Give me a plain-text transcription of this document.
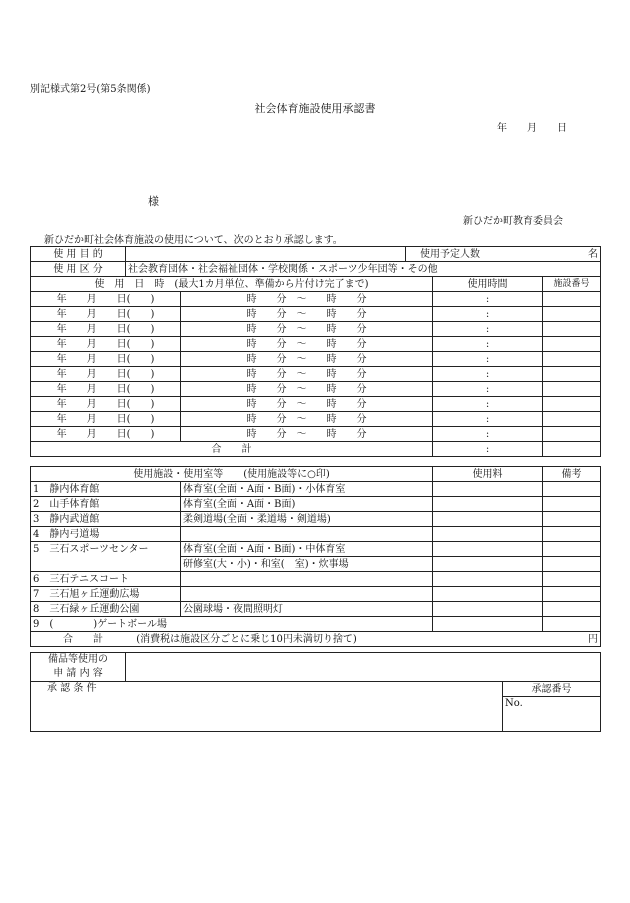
別記様式第2号(第5条関係)
社会体育施設使用承認書
年　　月　　日
様
新ひだか町教育委員会
新ひだか町社会体育施設の使用について、次のとおり承認します。
使 用 目 的		使用予定人数	名
使 用 区 分	社会教育団体・社会福祉団体・学校関係・スポーツ少年団等・その他		
使　用　日　時　(最大1カ月単位、準備から片付け完了まで)		使用時間	施設番号
年　　月　　日(　　)	時　　分　～　　時　　分	:	
年　　月　　日(　　)	時　　分　～　　時　　分	:	
年　　月　　日(　　)	時　　分　～　　時　　分	:	
年　　月　　日(　　)	時　　分　～　　時　　分	:	
年　　月　　日(　　)	時　　分　～　　時　　分	:	
年　　月　　日(　　)	時　　分　～　　時　　分	:	
年　　月　　日(　　)	時　　分　～　　時　　分	:	
年　　月　　日(　　)	時　　分　～　　時　　分	:	
年　　月　　日(　　)	時　　分　～　　時　　分	:	
年　　月　　日(　　)	時　　分　～　　時　　分	:	
合　　計		:	
使用施設・使用室等　　(使用施設等に○印)		使用料	備考
1　静内体育館	体育室(全面・A面・B面)・小体育室		
2　山手体育館	体育室(全面・A面・B面)		
3　静内武道館	柔剣道場(全面・柔道場・剣道場)		
4　静内弓道場			
5　三石スポーツセンター	体育室(全面・A面・B面)・中体育室		
	研修室(大・小)・和室(　室)・炊事場		
6　三石テニスコート			
7　三石旭ヶ丘運動広場			
8　三石緑ヶ丘運動公園	公園球場・夜間照明灯		
9　(　　　　)ゲートボール場			
合　　計 (消費税は施設区分ごとに乗じ10円未満切り捨て)			円
備品等使用の
申 請 内 容		

承 認 条 件		承認番号
		No.
